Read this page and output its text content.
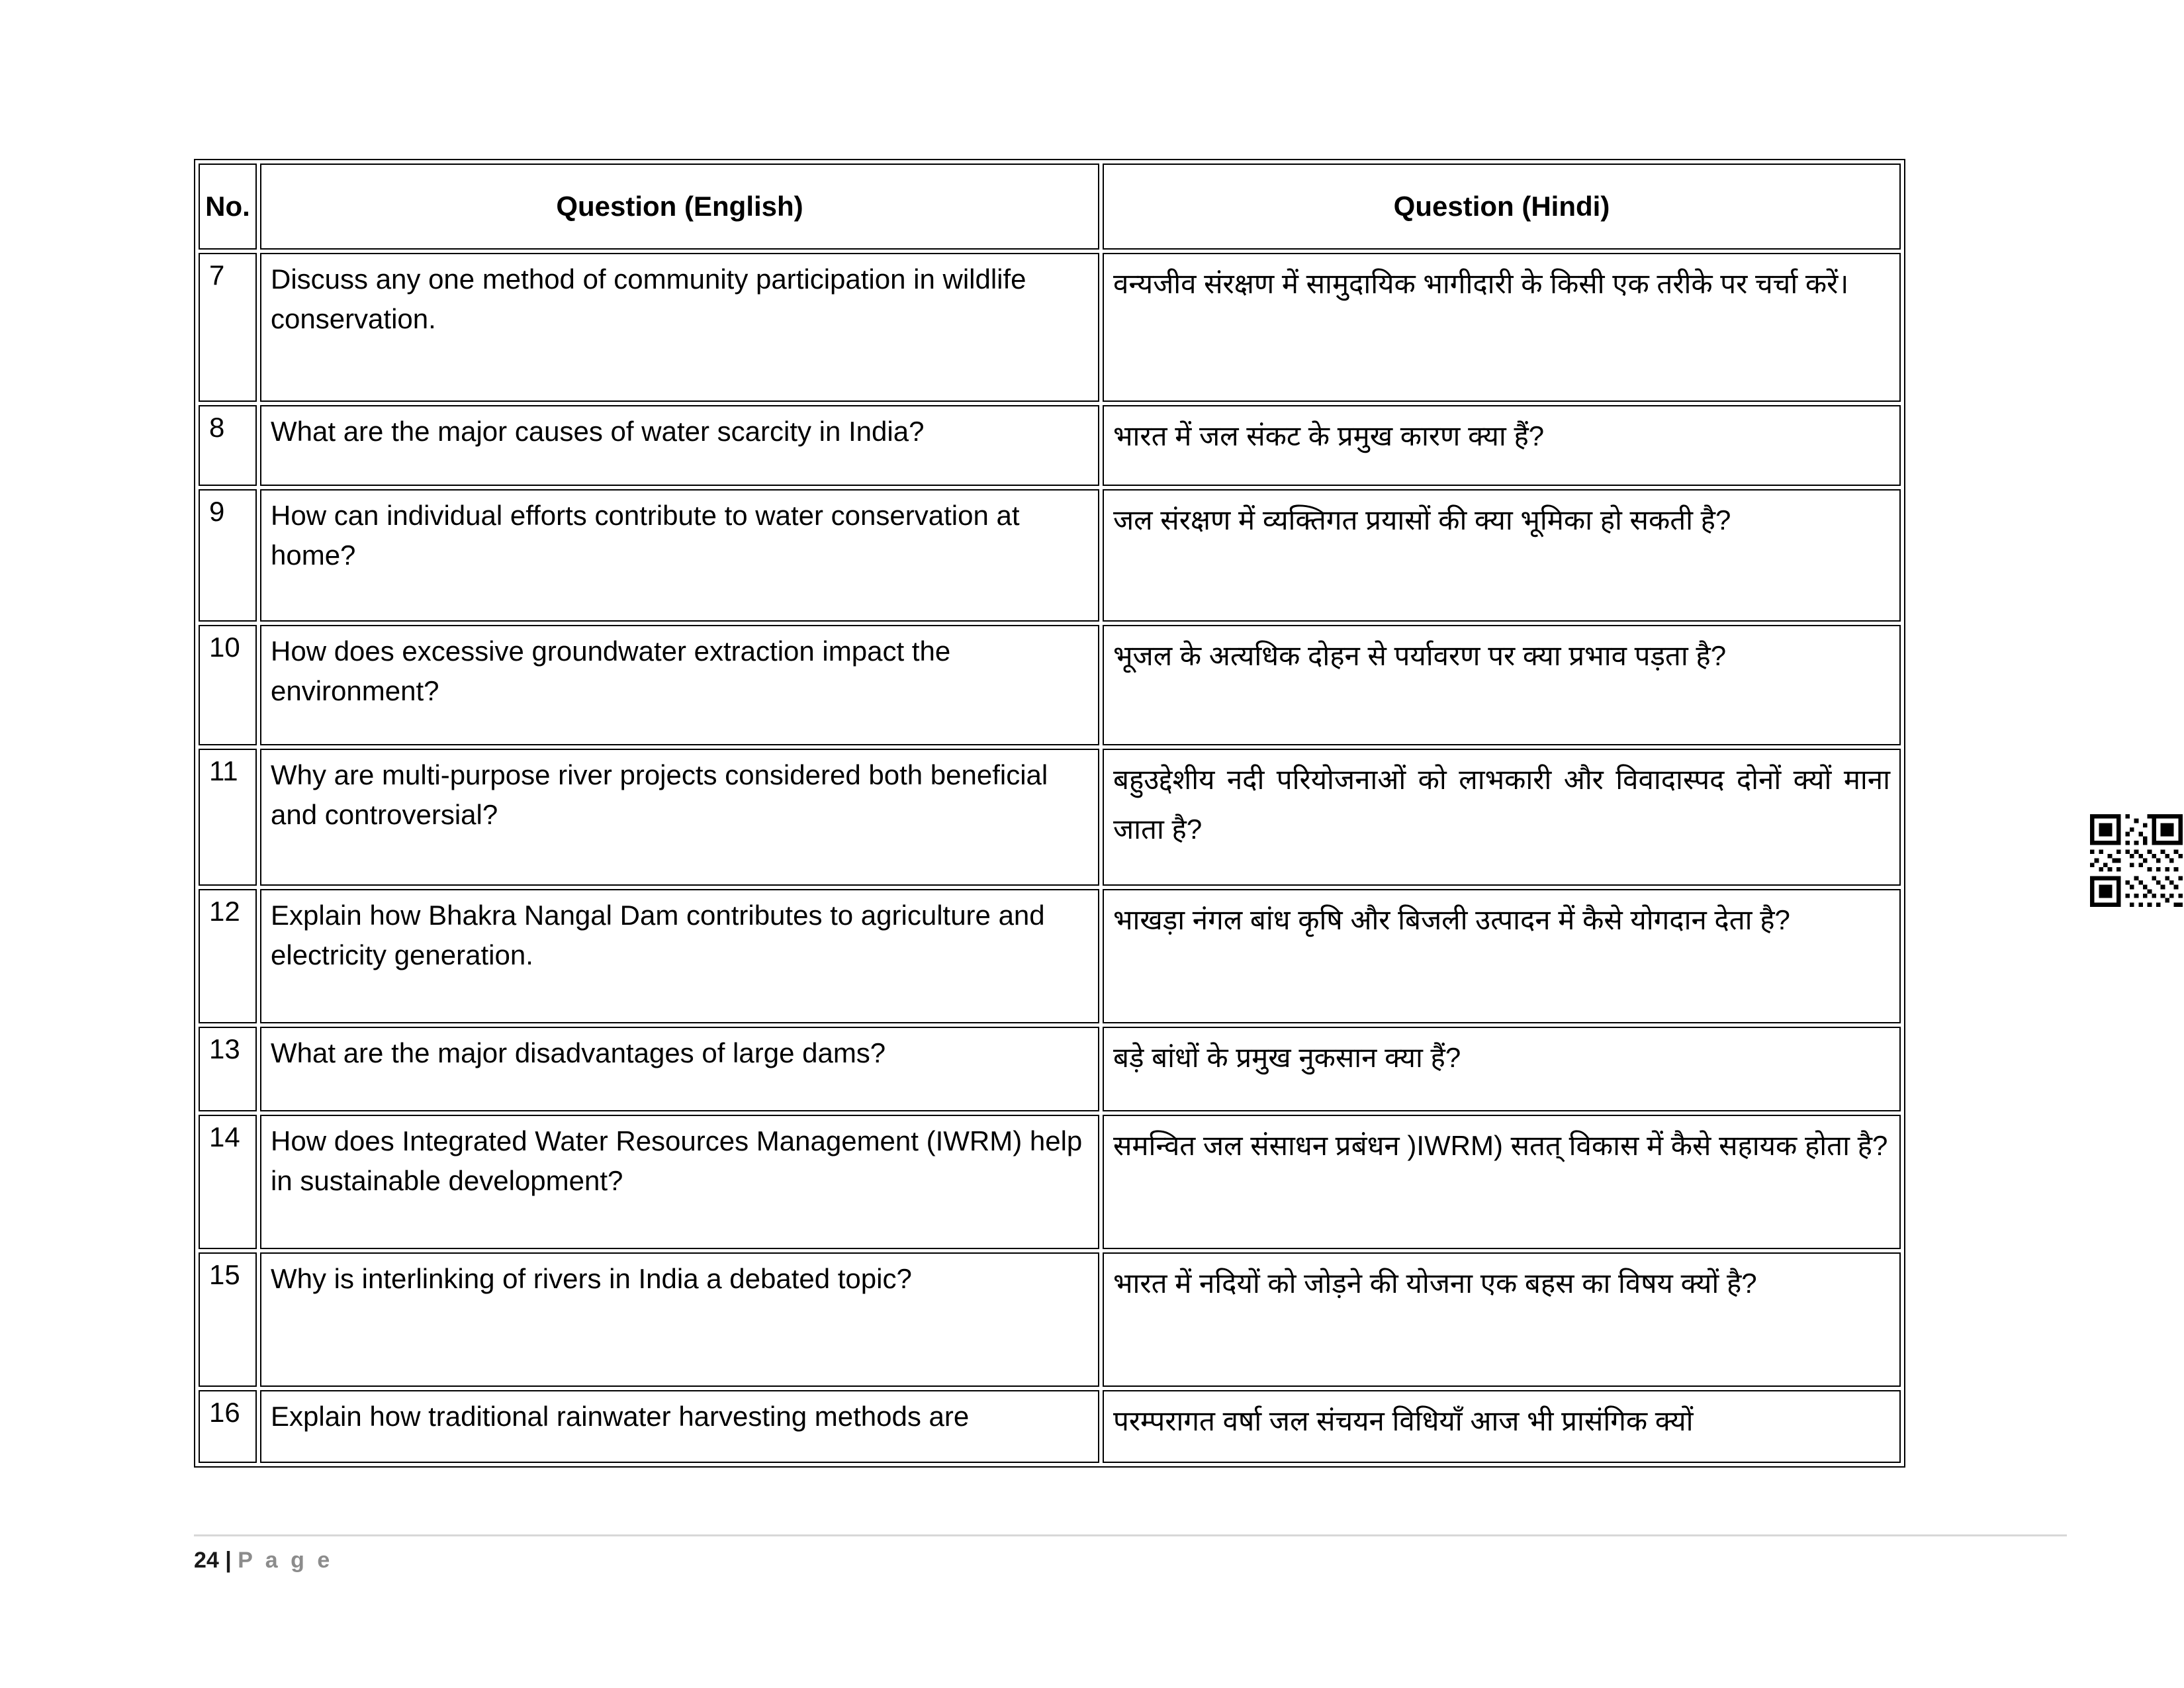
No.	Question (English)	Question (Hindi)
7	Discuss any one method of community participation in wildlife conservation.	वन्यजीव संरक्षण में सामुदायिक भागीदारी के किसी एक तरीके पर चर्चा करें।
8	What are the major causes of water scarcity in India?	भारत में जल संकट के प्रमुख कारण क्या हैं?
9	How can individual efforts contribute to water conservation at home?	जल संरक्षण में व्यक्तिगत प्रयासों की क्या भूमिका हो सकती है?
10	How does excessive groundwater extraction impact the environment?	भूजल के अत्यधिक दोहन से पर्यावरण पर क्या प्रभाव पड़ता है?
11	Why are multi-purpose river projects considered both beneficial and controversial?	बहुउद्देशीय नदी परियोजनाओं को लाभकारी और विवादास्पद दोनों क्यों माना जाता है?
12	Explain how Bhakra Nangal Dam contributes to agriculture and electricity generation.	भाखड़ा नंगल बांध कृषि और बिजली उत्पादन में कैसे योगदान देता है?
13	What are the major disadvantages of large dams?	बड़े बांधों के प्रमुख नुकसान क्या हैं?
14	How does Integrated Water Resources Management (IWRM) help in sustainable development?	समन्वित जल संसाधन प्रबंधन )IWRM) सतत् विकास में कैसे सहायक होता है?
15	Why is interlinking of rivers in India a debated topic?	भारत में नदियों को जोड़ने की योजना एक बहस का विषय क्यों है?
16	Explain how traditional rainwater harvesting methods are	परम्परागत वर्षा जल संचयन विधियाँ आज भी प्रासंगिक क्यों
24 | P a g e
